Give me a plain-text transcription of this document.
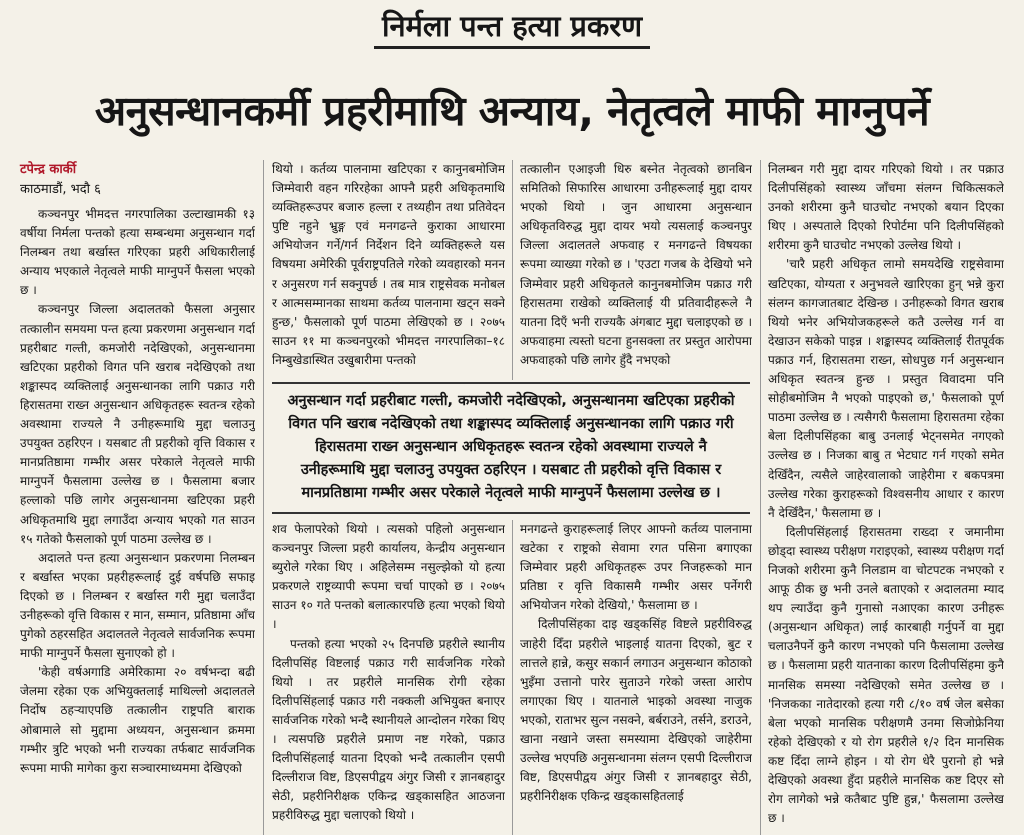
निर्मला पन्त हत्या प्रकरण
अनुसन्धानकर्मी प्रहरीमाथि अन्याय, नेतृत्वले माफी माग्नुपर्ने
टपेन्द्र कार्की
काठमाडौं, भदौ ६

कञ्चनपुर भीमदत्त नगरपालिका उल्टाखामकी १३ वर्षीया निर्मला पन्तको हत्या सम्बन्धमा अनुसन्धान गर्दा निलम्बन तथा बर्खास्त गरिएका प्रहरी अधिकारीलाई अन्याय भएकाले नेतृत्वले माफी माग्नुपर्ने फैसला भएको छ ।

कञ्चनपुर जिल्ला अदालतको फैसला अनुसार तत्कालीन समयमा पन्त हत्या प्रकरणमा अनुसन्धान गर्दा प्रहरीबाट गल्ती, कमजोरी नदेखिएको, अनुसन्धानमा खटिएका प्रहरीको विगत पनि खराब नदेखिएको तथा शङ्कास्पद व्यक्तिलाई अनुसन्धानका लागि पक्राउ गरी हिरासतमा राख्न अनुसन्धान अधिकृतहरू स्वतन्त्र रहेको अवस्थामा राज्यले नै उनीहरूमाथि मुद्दा चलाउनु उपयुक्त ठहरिएन । यसबाट ती प्रहरीको वृत्ति विकास र मानप्रतिष्ठामा गम्भीर असर परेकाले नेतृत्वले माफी माग्नुपर्ने फैसलामा उल्लेख छ । फैसलामा बजार हल्लाको पछि लागेर अनुसन्धानमा खटिएका प्रहरी अधिकृतमाथि मुद्दा लगाउँदा अन्याय भएको गत साउन १५ गतेको फैसलाको पूर्ण पाठमा उल्लेख छ ।

अदालते पन्त हत्या अनुसन्धान प्रकरणमा निलम्बन र बर्खास्त भएका प्रहरीहरूलाई दुई वर्षपछि सफाइ दिएको छ । निलम्बन र बर्खास्त गरी मुद्दा चलाउँदा उनीहरूको वृत्ति विकास र मान, सम्मान, प्रतिष्ठामा आँच पुगेको ठहरसहित अदालतले नेतृत्वले सार्वजनिक रूपमा माफी माग्नुपर्ने फैसला सुनाएको हो ।

'केही वर्षअगाडि अमेरिकामा २० वर्षभन्दा बढी जेलमा रहेका एक अभियुक्तलाई माथिल्लो अदालतले निर्दोष ठहऱ्याएपछि तत्कालीन राष्ट्रपति बाराक ओबामाले सो मुद्दामा अध्ययन, अनुसन्धान क्रममा गम्भीर त्रुटि भएको भनी राज्यका तर्फबाट सार्वजनिक रूपमा माफी मागेका कुरा सञ्चारमाध्यममा देखिएको

थियो । कर्तव्य पालनामा खटिएका र कानुनबमोजिम जिम्मेवारी वहन गरिरहेका आफ्नै प्रहरी अधिकृतमाथि व्यक्तिहरूउपर बजारु हल्ला र तथ्यहीन तथा प्रतिवेदन पुष्टि नहुने भ्रुङ्ग एवं मनगढन्ते कुराका आधारमा अभियोजन गर्ने/गर्न निर्देशन दिने व्यक्तिहरूले यस विषयमा अमेरिकी पूर्वराष्ट्रपतिले गरेको व्यवहारको मनन र अनुसरण गर्न सक्नुपर्छ । तब मात्र राष्ट्रसेवक मनोबल र आत्मसम्मानका साथमा कर्तव्य पालनामा खट्न सक्ने हुन्छ,' फैसलाको पूर्ण पाठमा लेखिएको छ । २०७५ साउन ११ मा कञ्चनपुरको भीमदत्त नगरपालिका–१८ निम्बुखेडास्थित उखुबारीमा पन्तको

तत्कालीन एआइजी धिरु बस्नेत नेतृत्वको छानबिन समितिको सिफारिस आधारमा उनीहरूलाई मुद्दा दायर भएको थियो । जुन आधारमा अनुसन्धान अधिकृतविरुद्ध मुद्दा दायर भयो त्यसलाई कञ्चनपुर जिल्ला अदालतले अफवाह र मनगढन्ते विषयका रूपमा व्याख्या गरेको छ । 'एउटा गजब के देखियो भने जिम्मेवार प्रहरी अधिकृतले कानुनबमोजिम पक्राउ गरी हिरासतमा राखेको व्यक्तिलाई यी प्रतिवादीहरूले नै यातना दिएँ भनी राज्यकै अंगबाट मुद्दा चलाइएको छ । अफवाहमा त्यस्तो घटना हुनसक्ला तर प्रस्तुत आरोपमा अफवाहको पछि लागेर हुँदै नभएको

अनुसन्धान गर्दा प्रहरीबाट गल्ती, कमजोरी नदेखिएको, अनुसन्धानमा खटिएका प्रहरीको विगत पनि खराब नदेखिएको तथा शङ्कास्पद व्यक्तिलाई अनुसन्धानका लागि पक्राउ गरी हिरासतमा राख्न अनुसन्धान अधिकृतहरू स्वतन्त्र रहेको अवस्थामा राज्यले नै उनीहरूमाथि मुद्दा चलाउनु उपयुक्त ठहरिएन । यसबाट ती प्रहरीको वृत्ति विकास र मानप्रतिष्ठामा गम्भीर असर परेकाले नेतृत्वले माफी माग्नुपर्ने फैसलामा उल्लेख छ ।

शव फेलापरेको थियो । त्यसको पहिलो अनुसन्धान कञ्चनपुर जिल्ला प्रहरी कार्यालय, केन्द्रीय अनुसन्धान ब्युरोले गरेका थिए । अहिलेसम्म नसुल्झेको यो हत्या प्रकरणले राष्ट्रव्यापी रूपमा चर्चा पाएको छ । २०७५ साउन १० गते पन्तको बलात्कारपछि हत्या भएको थियो ।

पन्तको हत्या भएको २५ दिनपछि प्रहरीले स्थानीय दिलीपसिंह विष्टलाई पक्राउ गरी सार्वजनिक गरेको थियो । तर प्रहरीले मानसिक रोगी रहेका दिलीपसिंहलाई पक्राउ गरी नक्कली अभियुक्त बनाएर सार्वजनिक गरेको भन्दै स्थानीयले आन्दोलन गरेका थिए । त्यसपछि प्रहरीले प्रमाण नष्ट गरेको, पक्राउ दिलीपसिंहलाई यातना दिएको भन्दै तत्कालीन एसपी दिल्लीराज विष्ट, डिएसपीद्वय अंगुर जिसी र ज्ञानबहादुर सेठी, प्रहरीनिरीक्षक एकिन्द्र खड्कासहित आठजना प्रहरीविरुद्ध मुद्दा चलाएको थियो ।

मनगढन्ते कुराहरूलाई लिएर आफ्नो कर्तव्य पालनामा खटेका र राष्ट्रको सेवामा रगत पसिना बगाएका जिम्मेवार प्रहरी अधिकृतहरू उपर निजहरूको मान प्रतिष्ठा र वृत्ति विकासमै गम्भीर असर पर्नेगरी अभियोजन गरेको देखियो,' फैसलामा छ ।

दिलीपसिंहका दाइ खड्कसिंह विष्टले प्रहरीविरुद्ध जाहेरी दिँदा प्रहरीले भाइलाई यातना दिएको, बुट र लात्तले हान्ने, कसुर सकार्न लगाउन अनुसन्धान कोठाको भुइँमा उत्तानो पारेर सुताउने गरेको जस्ता आरोप लगाएका थिए । यातनाले भाइको अवस्था नाजुक भएको, राताभर सुत्न नसक्ने, बर्बराउने, तर्सने, डराउने, खाना नखाने जस्ता समस्यामा देखिएको जाहेरीमा उल्लेख भएपछि अनुसन्धानमा संलग्न एसपी दिल्लीराज विष्ट, डिएसपीद्वय अंगुर जिसी र ज्ञानबहादुर सेठी, प्रहरीनिरीक्षक एकिन्द्र खड्कासहितलाई

निलम्बन गरी मुद्दा दायर गरिएको थियो । तर पक्राउ दिलीपसिंहको स्वास्थ्य जाँचमा संलग्न चिकित्सकले उनको शरीरमा कुनै घाउचोट नभएको बयान दिएका थिए । अस्पताले दिएको रिपोर्टमा पनि दिलीपसिंहको शरीरमा कुनै घाउचोट नभएको उल्लेख थियो ।

'चारै प्रहरी अधिकृत लामो समयदेखि राष्ट्रसेवामा खटिएका, योग्यता र अनुभवले खारिएका हुन् भन्ने कुरा संलग्न कागजातबाट देखिन्छ । उनीहरूको विगत खराब थियो भनेर अभियोजकहरूले कतै उल्लेख गर्न वा देखाउन सकेको पाइन्न । शङ्कास्पद व्यक्तिलाई रीतपूर्वक पक्राउ गर्न, हिरासतमा राख्न, सोधपुछ गर्न अनुसन्धान अधिकृत स्वतन्त्र हुन्छ । प्रस्तुत विवादमा पनि सोहीबमोजिम नै भएको पाइएको छ,' फैसलाको पूर्ण पाठमा उल्लेख छ । त्यसैगरी फैसलामा हिरासतमा रहेका बेला दिलीपसिंहका बाबु उनलाई भेट्नसमेत नगएको उल्लेख छ । निजका बाबु त भेटघाट गर्न गएको समेत देखिँदैन, त्यसैले जाहेरवालाको जाहेरीमा र बकपत्रमा उल्लेख गरेका कुराहरूको विश्वसनीय आधार र कारण नै देखिँदैन,' फैसलामा छ ।

दिलीपसिंहलाई हिरासतमा राख्दा र जमानीमा छोड्दा स्वास्थ्य परीक्षण गराइएको, स्वास्थ्य परीक्षण गर्दा निजको शरीरमा कुनै निलडाम वा चोटपटक नभएको र आफू ठीक छु भनी उनले बताएको र अदालतमा म्याद थप ल्याउँदा कुनै गुनासो नआएका कारण उनीहरू (अनुसन्धान अधिकृत) लाई कारबाही गर्नुपर्ने वा मुद्दा चलाउनैपर्ने कुनै कारण नभएको पनि फैसलामा उल्लेख छ । फैसलामा प्रहरी यातनाका कारण दिलीपसिंहमा कुनै मानसिक समस्या नदेखिएको समेत उल्लेख छ । 'निजकका नातेदारको हत्या गरी ८/१० वर्ष जेल बसेका बेला भएको मानसिक परीक्षणमै उनमा सिजोफ्रेनिया रहेको देखिएको र यो रोग प्रहरीले १/२ दिन मानसिक कष्ट दिँदा लाग्ने होइन । यो रोग धेरै पुरानो हो भन्ने देखिएको अवस्था हुँदा प्रहरीले मानसिक कष्ट दिएर सो रोग लागेको भन्ने कतैबाट पुष्टि हुन्न,' फैसलामा उल्लेख छ ।
